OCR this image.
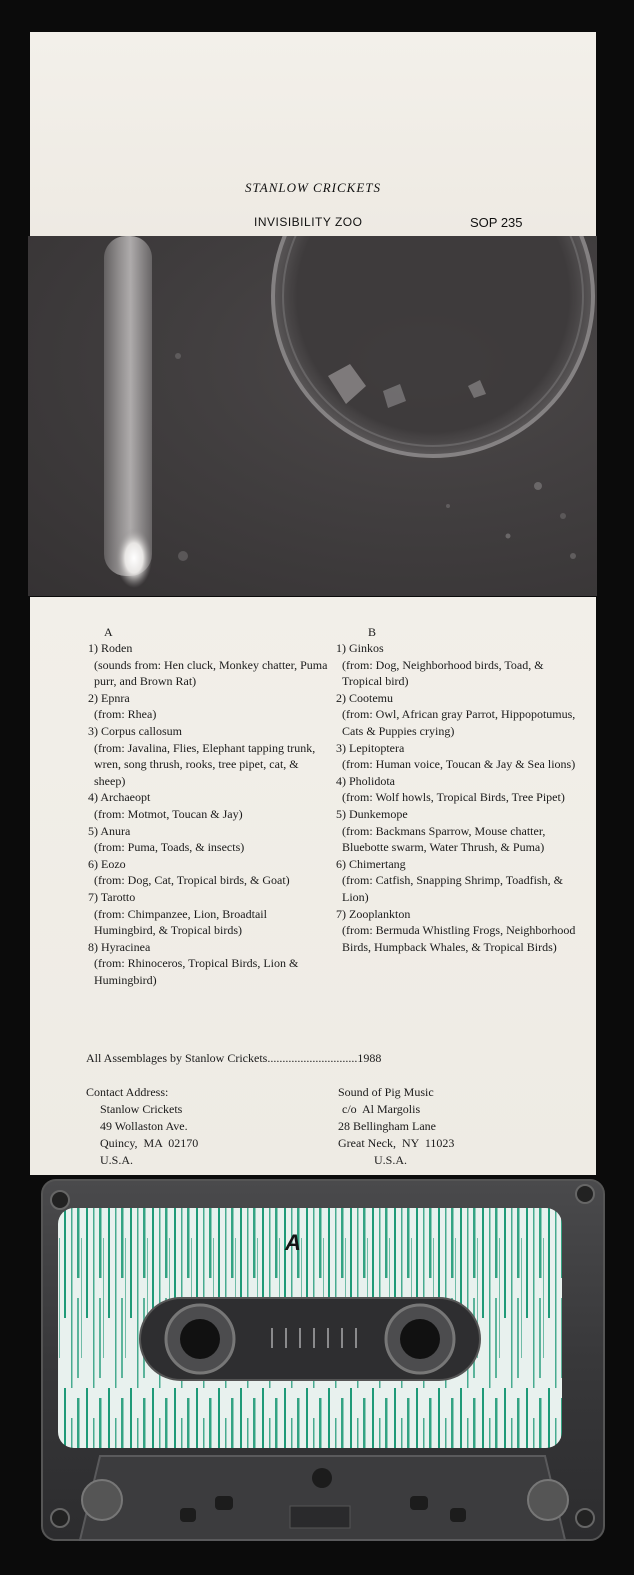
STANLOW CRICKETS
INVISIBILITY ZOO	SOP 235
A	B
1) Roden
(sounds from: Hen cluck, Monkey chatter, Puma purr, and Brown Rat)
2) Epnra
(from: Rhea)
3) Corpus callosum
(from: Javalina, Flies, Elephant tapping trunk, wren, song thrush, rooks, tree pipet, cat, & sheep)
4) Archaeopt
(from: Motmot, Toucan & Jay)
5) Anura
(from: Puma, Toads, & insects)
6) Eozo
(from: Dog, Cat, Tropical birds, & Goat)
7) Tarotto
(from: Chimpanzee, Lion, Broadtail Humingbird, & Tropical birds)
8) Hyracinea
(from: Rhinoceros, Tropical Birds, Lion & Humingbird)
1) Ginkos
(from: Dog, Neighborhood birds, Toad, & Tropical bird)
2) Cootemu
(from: Owl, African gray Parrot, Hippopotumus, Cats & Puppies crying)
3) Lepitoptera
(from: Human voice, Toucan & Jay & Sea lions)
4) Pholidota
(from: Wolf howls, Tropical Birds, Tree Pipet)
5) Dunkemope
(from: Backmans Sparrow, Mouse chatter, Bluebotte swarm, Water Thrush, & Puma)
6) Chimertang
(from: Catfish, Snapping Shrimp, Toadfish, & Lion)
7) Zooplankton
(from: Bermuda Whistling Frogs, Neighborhood Birds, Humpback Whales, & Tropical Birds)
All Assemblages by Stanlow Crickets..............................1988
Contact Address:
Stanlow Crickets
49 Wollaston Ave.
Quincy,  MA  02170
U.S.A.
Sound of Pig Music
c/o  Al Margolis
28 Bellingham Lane
Great Neck,  NY  11023
U.S.A.
A
